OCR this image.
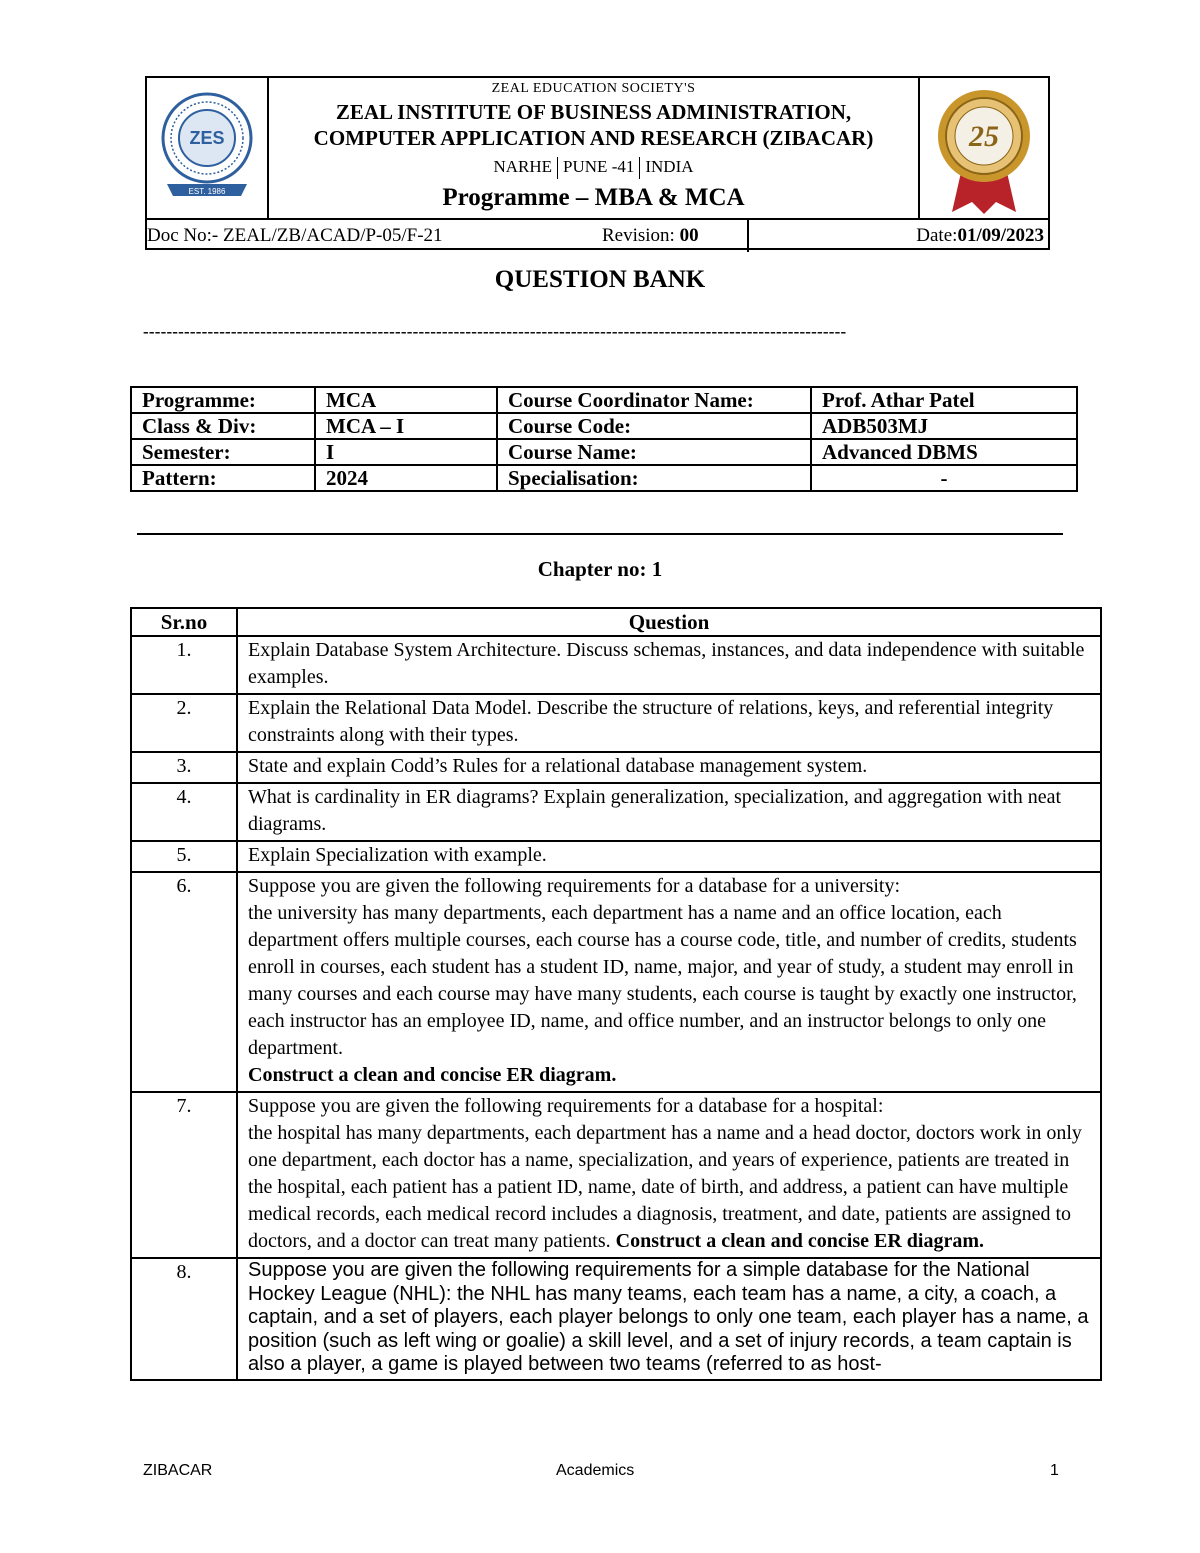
ZES
EST. 1986
ZEAL EDUCATION SOCIETY'S
ZEAL INSTITUTE OF BUSINESS ADMINISTRATION,
COMPUTER APPLICATION AND RESEARCH (ZIBACAR)
NARHE PUNE -41 INDIA
Programme – MBA & MCA
25
Doc No:- ZEAL/ZB/ACAD/P-05/F-21	Revision: 00	Date:01/09/2023
QUESTION BANK
------------------------------------------------------------------------------------------------------------------------
Programme:	MCA	Course Coordinator Name:	Prof. Athar Patel
Class & Div:	MCA – I	Course Code:	ADB503MJ
Semester:	I	Course Name:	Advanced DBMS
Pattern:	2024	Specialisation:	-
Chapter no: 1
Sr.no	Question
1.	Explain Database System Architecture. Discuss schemas, instances, and data independence with suitable examples.
2.	Explain the Relational Data Model. Describe the structure of relations, keys, and referential integrity constraints along with their types.
3.	State and explain Codd’s Rules for a relational database management system.
4.	What is cardinality in ER diagrams? Explain generalization, specialization, and aggregation with neat diagrams.
5.	Explain Specialization with example.
6.	Suppose you are given the following requirements for a database for a university:
the university has many departments, each department has a name and an office location, each department offers multiple courses, each course has a course code, title, and number of credits, students enroll in courses, each student has a student ID, name, major, and year of study, a student may enroll in many courses and each course may have many students, each course is taught by exactly one instructor, each instructor has an employee ID, name, and office number, and an instructor belongs to only one department.
Construct a clean and concise ER diagram.
7.	Suppose you are given the following requirements for a database for a hospital:
the hospital has many departments, each department has a name and a head doctor, doctors work in only one department, each doctor has a name, specialization, and years of experience, patients are treated in the hospital, each patient has a patient ID, name, date of birth, and address, a patient can have multiple medical records, each medical record includes a diagnosis, treatment, and date, patients are assigned to doctors, and a doctor can treat many patients. Construct a clean and concise ER diagram.
8.	Suppose you are given the following requirements for a simple database for the National Hockey League (NHL): the NHL has many teams, each team has a name, a city, a coach, a captain, and a set of players, each player belongs to only one team, each player has a name, a position (such as left wing or goalie) a skill level, and a set of injury records, a team captain is also a player, a game is played between two teams (referred to as host-
ZIBACAR	Academics	1
